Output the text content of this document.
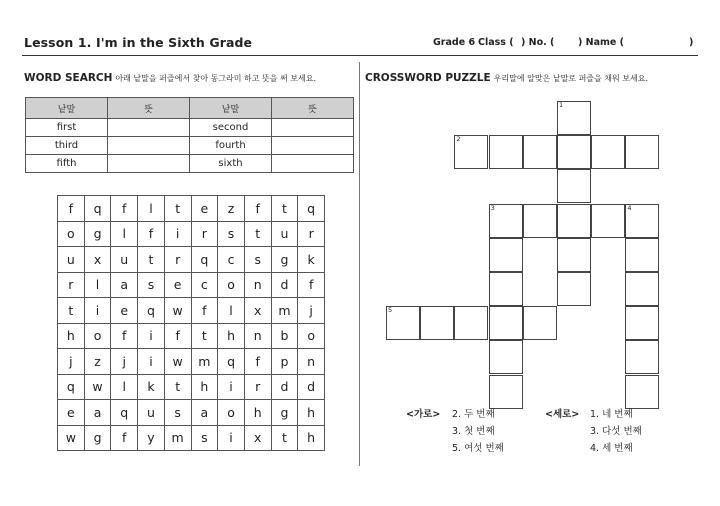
Lesson 1. I'm in the Sixth Grade	Grade 6 Class ( ) No. ( ) Name (	)
WORD SEARCH 아래 낱말을 퍼즐에서 찾아 동그라미 하고 뜻을 써 보세요.
낱말	뜻	낱말	뜻
first		second	
third		fourth	
fifth		sixth	
f	q	f	l	t	e	z	f	t	q
o	g	l	f	i	r	s	t	u	r
u	x	u	t	r	q	c	s	g	k
r	l	a	s	e	c	o	n	d	f
t	i	e	q	w	f	l	x	m	j
h	o	f	i	f	t	h	n	b	o
j	z	j	i	w	m	q	f	p	n
q	w	l	k	t	h	i	r	d	d
e	a	q	u	s	a	o	h	g	h
w	g	f	y	m	s	i	x	t	h
CROSSWORD PUZZLE 우리말에 알맞은 낱말로 퍼즐을 채워 보세요.
1
2
3	4
5
<가로> 2. 두 번째
3. 첫 번째
5. 여섯 번째
<세로> 1. 네 번째
3. 다섯 번째
4. 세 번째
